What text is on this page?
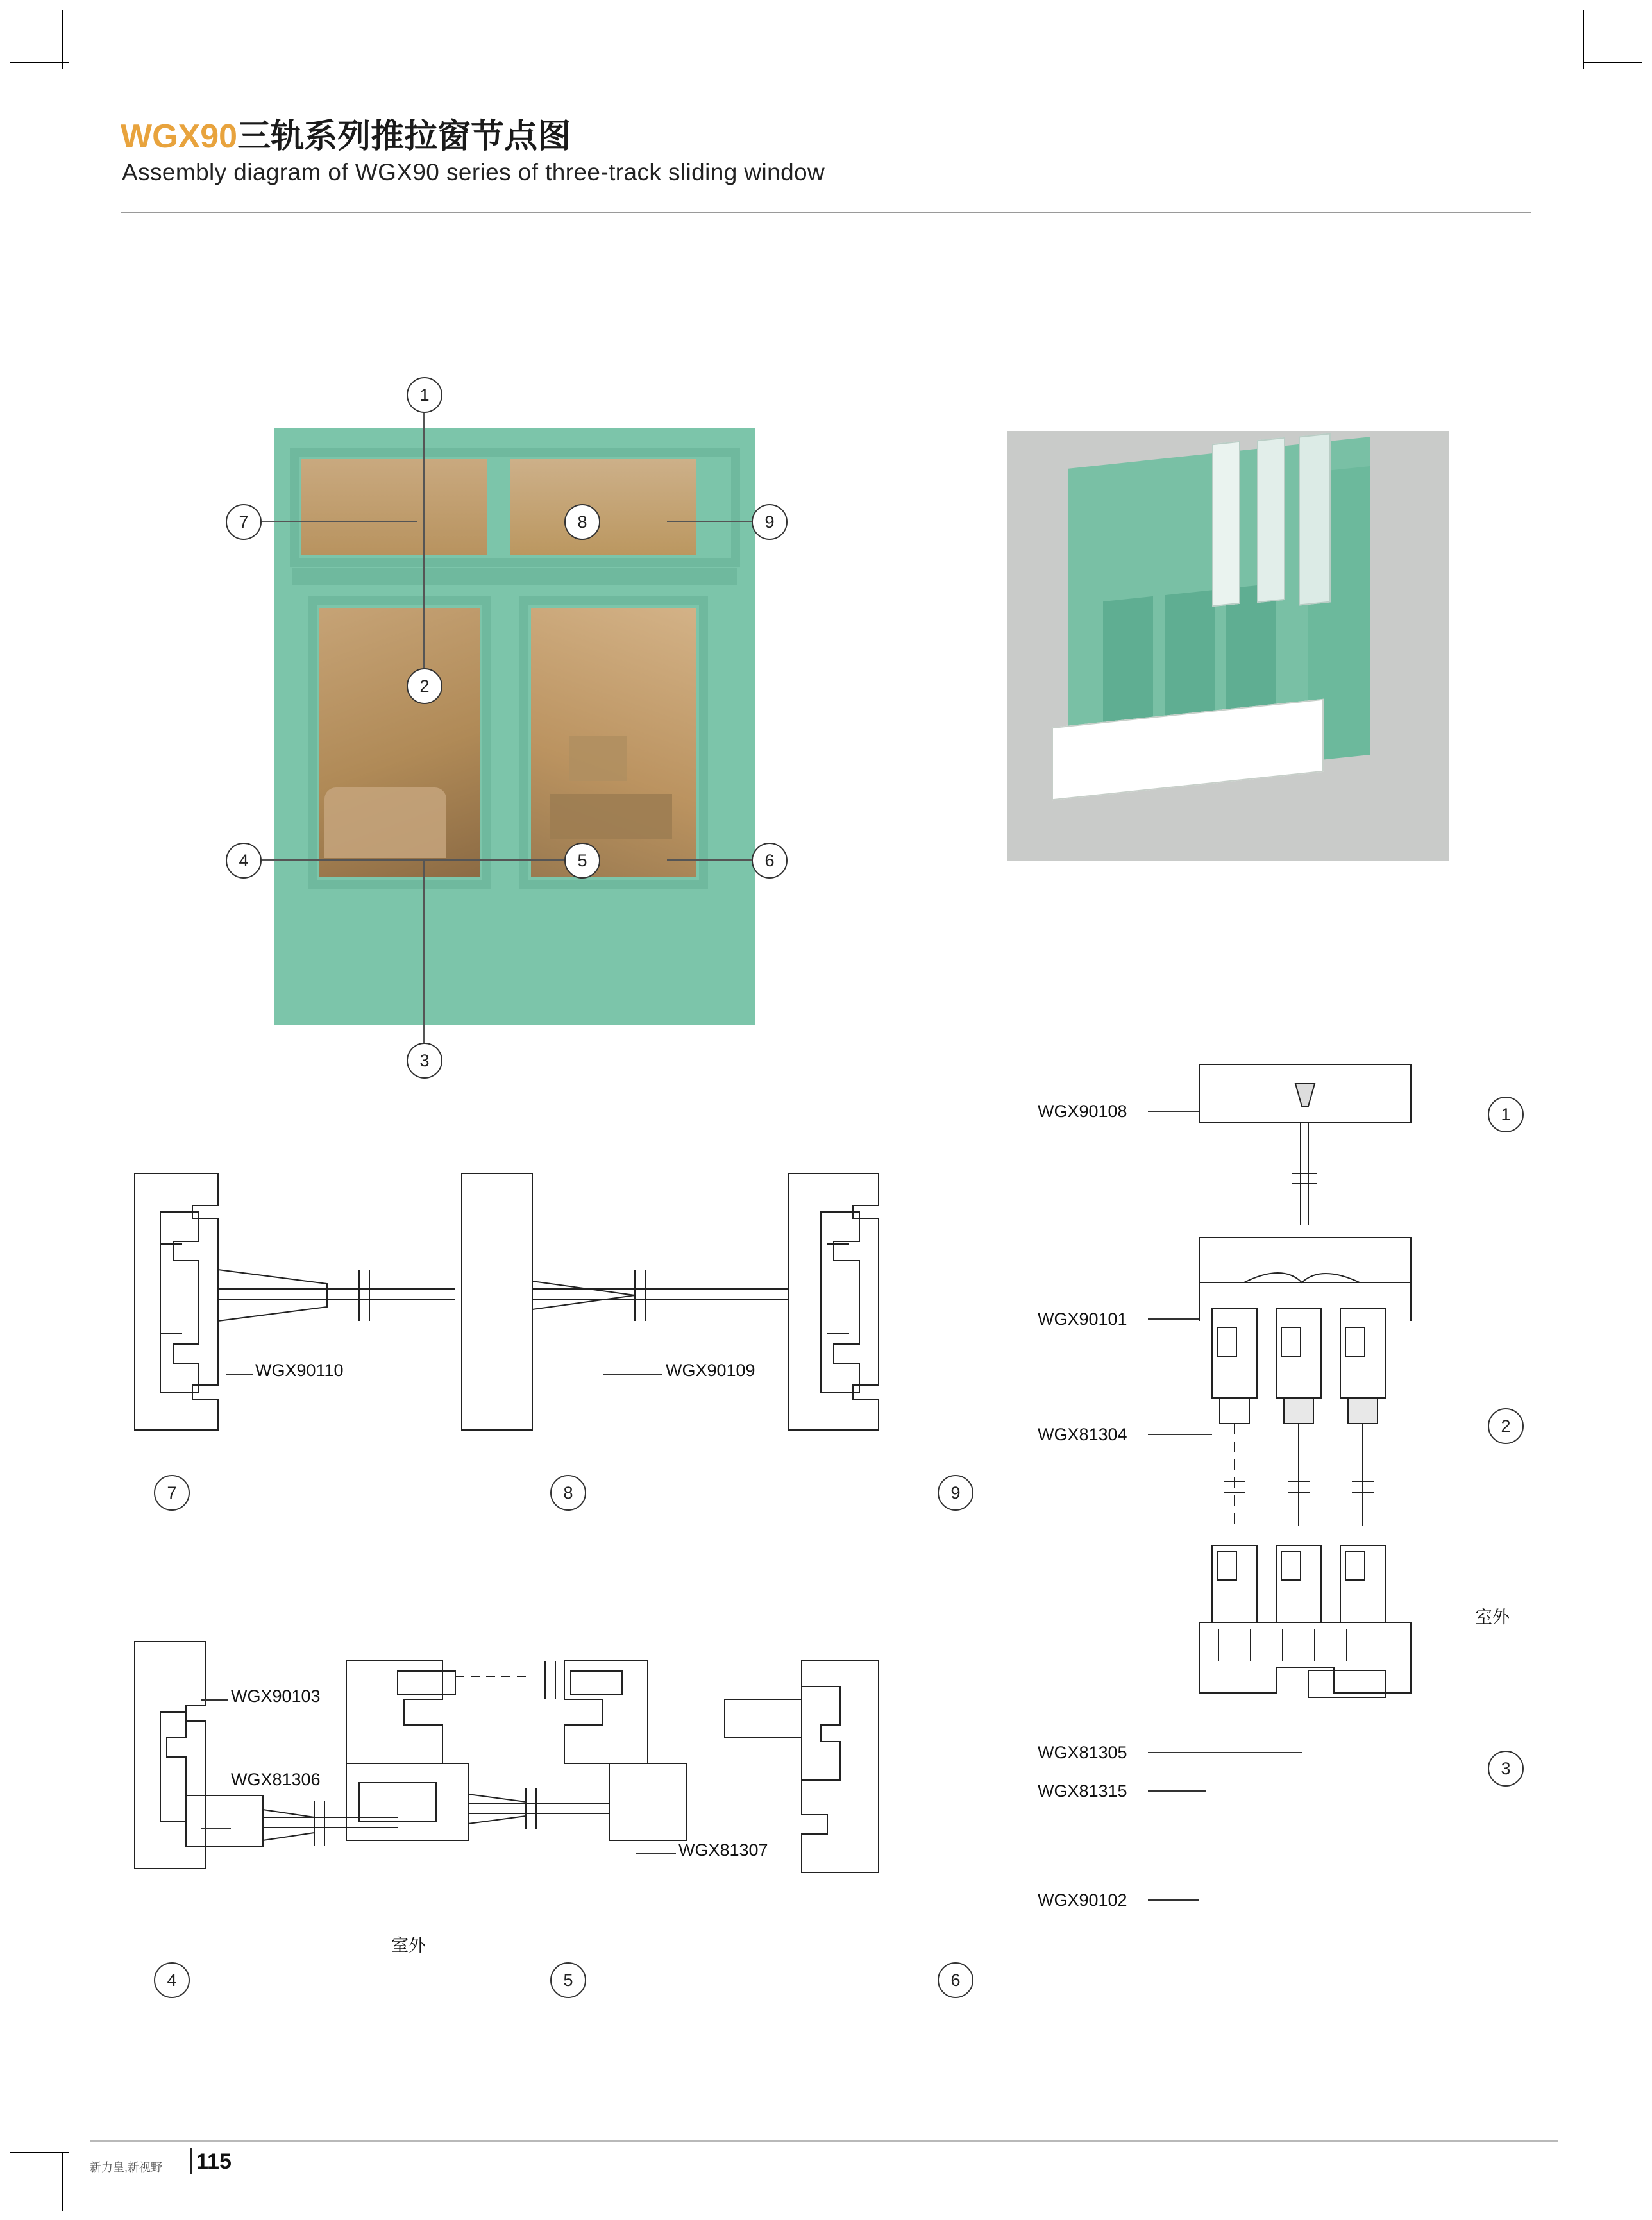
WGX90三轨系列推拉窗节点图
Assembly diagram of WGX90 series of three-track sliding window
1
7	8	9
2
4	5	6
3
WGX90108
WGX90101
WGX81304
WGX81305
WGX81315
WGX90102
室外
1
2
3
WGX90110	WGX90109
7	8	9
WGX90103
WGX81306
WGX81307
室外
4	5	6
新力皇,新视野 115
